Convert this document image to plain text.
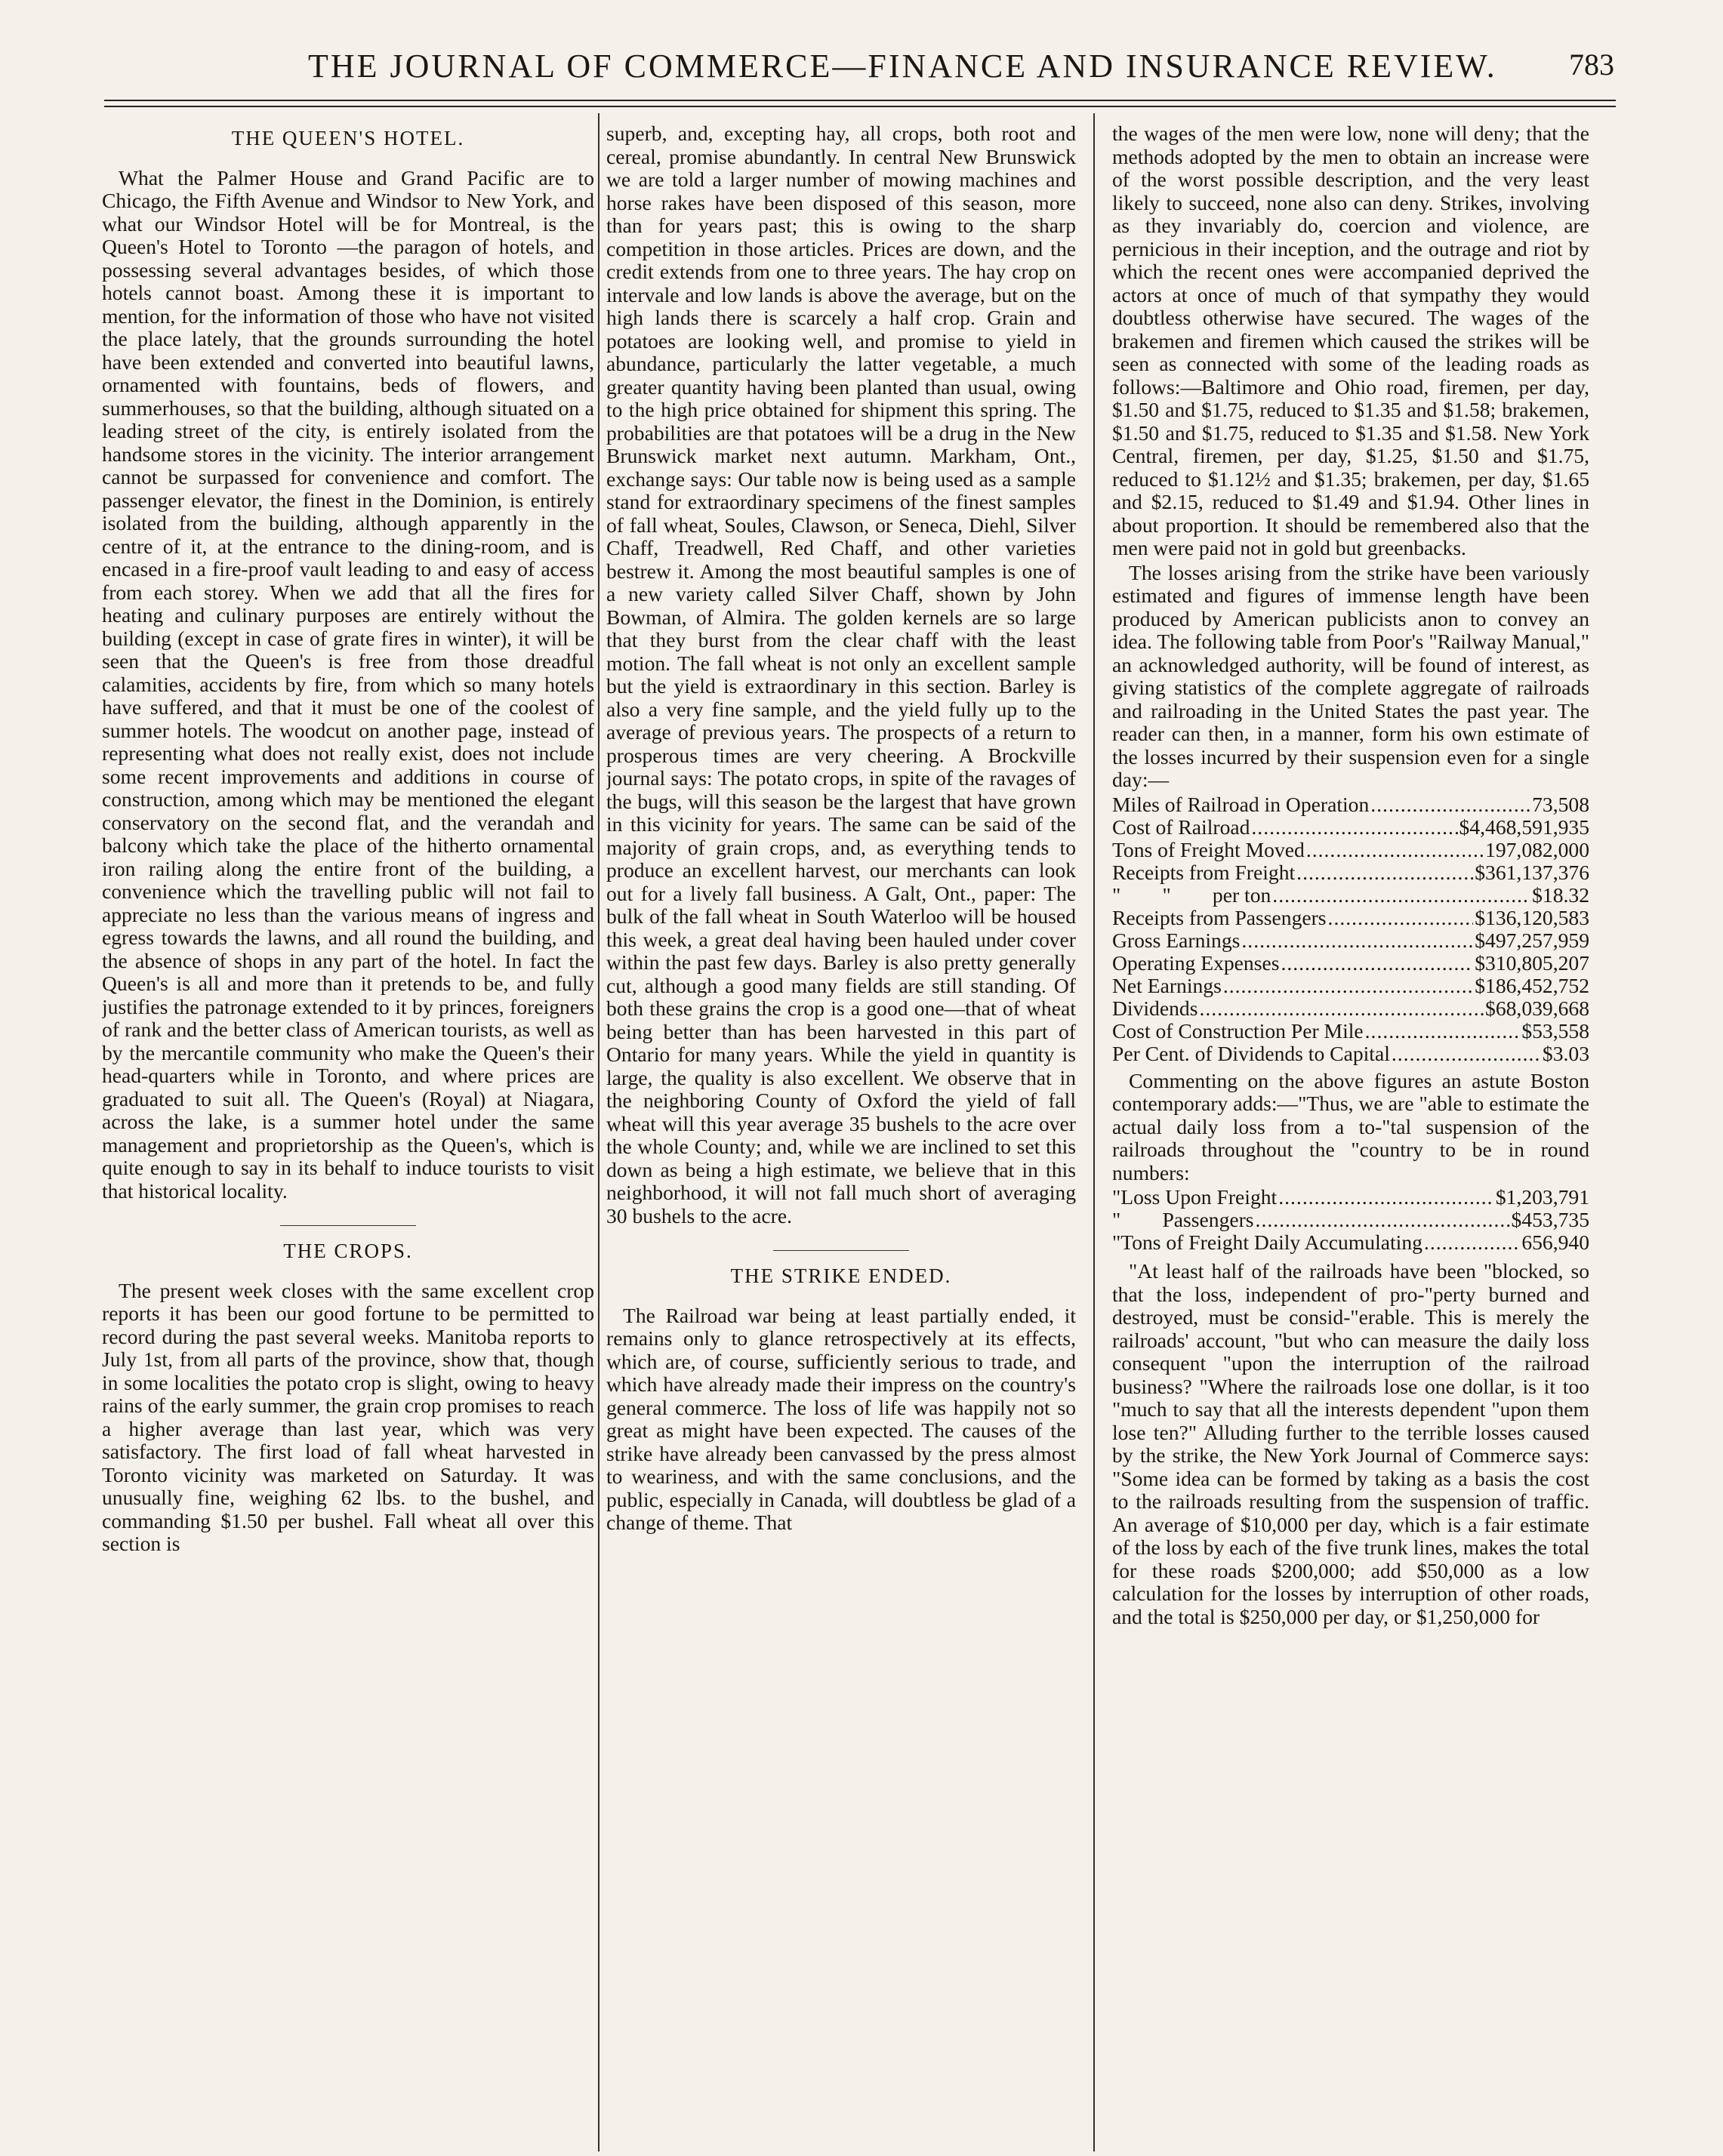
THE JOURNAL OF COMMERCE—FINANCE AND INSURANCE REVIEW. 783
THE QUEEN'S HOTEL.

What the Palmer House and Grand Pacific are to Chicago, the Fifth Avenue and Windsor to New York, and what our Windsor Hotel will be for Montreal, is the Queen's Hotel to Toronto —the paragon of hotels, and possessing several advantages besides, of which those hotels cannot boast. Among these it is important to mention, for the information of those who have not visited the place lately, that the grounds surrounding the hotel have been extended and converted into beautiful lawns, ornamented with fountains, beds of flowers, and summerhouses, so that the building, although situated on a leading street of the city, is entirely isolated from the handsome stores in the vicinity. The interior arrangement cannot be surpassed for convenience and comfort. The passenger elevator, the finest in the Dominion, is entirely isolated from the building, although apparently in the centre of it, at the entrance to the dining-room, and is encased in a fire-proof vault leading to and easy of access from each storey. When we add that all the fires for heating and culinary purposes are entirely without the building (except in case of grate fires in winter), it will be seen that the Queen's is free from those dreadful calamities, accidents by fire, from which so many hotels have suffered, and that it must be one of the coolest of summer hotels. The woodcut on another page, instead of representing what does not really exist, does not include some recent improvements and additions in course of construction, among which may be mentioned the elegant conservatory on the second flat, and the verandah and balcony which take the place of the hitherto ornamental iron railing along the entire front of the building, a convenience which the travelling public will not fail to appreciate no less than the various means of ingress and egress towards the lawns, and all round the building, and the absence of shops in any part of the hotel. In fact the Queen's is all and more than it pretends to be, and fully justifies the patronage extended to it by princes, foreigners of rank and the better class of American tourists, as well as by the mercantile community who make the Queen's their head-quarters while in Toronto, and where prices are graduated to suit all. The Queen's (Royal) at Niagara, across the lake, is a summer hotel under the same management and proprietorship as the Queen's, which is quite enough to say in its behalf to induce tourists to visit that historical locality.

THE CROPS.

The present week closes with the same excellent crop reports it has been our good fortune to be permitted to record during the past several weeks. Manitoba reports to July 1st, from all parts of the province, show that, though in some localities the potato crop is slight, owing to heavy rains of the early summer, the grain crop promises to reach a higher average than last year, which was very satisfactory. The first load of fall wheat harvested in Toronto vicinity was marketed on Saturday. It was unusually fine, weighing 62 lbs. to the bushel, and commanding $1.50 per bushel. Fall wheat all over this section is

superb, and, excepting hay, all crops, both root and cereal, promise abundantly. In central New Brunswick we are told a larger number of mowing machines and horse rakes have been disposed of this season, more than for years past; this is owing to the sharp competition in those articles. Prices are down, and the credit extends from one to three years. The hay crop on intervale and low lands is above the average, but on the high lands there is scarcely a half crop. Grain and potatoes are looking well, and promise to yield in abundance, particularly the latter vegetable, a much greater quantity having been planted than usual, owing to the high price obtained for shipment this spring. The probabilities are that potatoes will be a drug in the New Brunswick market next autumn. Markham, Ont., exchange says: Our table now is being used as a sample stand for extraordinary specimens of the finest samples of fall wheat, Soules, Clawson, or Seneca, Diehl, Silver Chaff, Treadwell, Red Chaff, and other varieties bestrew it. Among the most beautiful samples is one of a new variety called Silver Chaff, shown by John Bowman, of Almira. The golden kernels are so large that they burst from the clear chaff with the least motion. The fall wheat is not only an excellent sample but the yield is extraordinary in this section. Barley is also a very fine sample, and the yield fully up to the average of previous years. The prospects of a return to prosperous times are very cheering. A Brockville journal says: The potato crops, in spite of the ravages of the bugs, will this season be the largest that have grown in this vicinity for years. The same can be said of the majority of grain crops, and, as everything tends to produce an excellent harvest, our merchants can look out for a lively fall business. A Galt, Ont., paper: The bulk of the fall wheat in South Waterloo will be housed this week, a great deal having been hauled under cover within the past few days. Barley is also pretty generally cut, although a good many fields are still standing. Of both these grains the crop is a good one—that of wheat being better than has been harvested in this part of Ontario for many years. While the yield in quantity is large, the quality is also excellent. We observe that in the neighboring County of Oxford the yield of fall wheat will this year average 35 bushels to the acre over the whole County; and, while we are inclined to set this down as being a high estimate, we believe that in this neighborhood, it will not fall much short of averaging 30 bushels to the acre.

THE STRIKE ENDED.

The Railroad war being at least partially ended, it remains only to glance retrospectively at its effects, which are, of course, sufficiently serious to trade, and which have already made their impress on the country's general commerce. The loss of life was happily not so great as might have been expected. The causes of the strike have already been canvassed by the press almost to weariness, and with the same conclusions, and the public, especially in Canada, will doubtless be glad of a change of theme. That

the wages of the men were low, none will deny; that the methods adopted by the men to obtain an increase were of the worst possible description, and the very least likely to succeed, none also can deny. Strikes, involving as they invariably do, coercion and violence, are pernicious in their inception, and the outrage and riot by which the recent ones were accompanied deprived the actors at once of much of that sympathy they would doubtless otherwise have secured. The wages of the brakemen and firemen which caused the strikes will be seen as connected with some of the leading roads as follows:—Baltimore and Ohio road, firemen, per day, $1.50 and $1.75, reduced to $1.35 and $1.58; brakemen, $1.50 and $1.75, reduced to $1.35 and $1.58. New York Central, firemen, per day, $1.25, $1.50 and $1.75, reduced to $1.12½ and $1.35; brakemen, per day, $1.65 and $2.15, reduced to $1.49 and $1.94. Other lines in about proportion. It should be remembered also that the men were paid not in gold but greenbacks.

The losses arising from the strike have been variously estimated and figures of immense length have been produced by American publicists anon to convey an idea. The following table from Poor's "Railway Manual," an acknowledged authority, will be found of interest, as giving statistics of the complete aggregate of railroads and railroading in the United States the past year. The reader can then, in a manner, form his own estimate of the losses incurred by their suspension even for a single day:—

Miles of Railroad in Operation .....	73,508
Cost of Railroad .....	$4,468,591,935
Tons of Freight Moved .....	197,082,000
Receipts from Freight .....	$361,137,376
"        "        per ton .....	$18.32
Receipts from Passengers .....	$136,120,583
Gross Earnings .....	$497,257,959
Operating Expenses .....	$310,805,207
Net Earnings .....	$186,452,752
Dividends .....	$68,039,668
Cost of Construction Per Mile .....	$53,558
Per Cent. of Dividends to Capital .....	$3.03

Commenting on the above figures an astute Boston contemporary adds:—"Thus, we are "able to estimate the actual daily loss from a to-"tal suspension of the railroads throughout the "country to be in round numbers:

"Loss Upon Freight .....	$1,203,791
"        Passengers .....	$453,735
"Tons of Freight Daily Accumulating .....	656,940

"At least half of the railroads have been "blocked, so that the loss, independent of pro-"perty burned and destroyed, must be consid-"erable. This is merely the railroads' account, "but who can measure the daily loss consequent "upon the interruption of the railroad business? "Where the railroads lose one dollar, is it too "much to say that all the interests dependent "upon them lose ten?" Alluding further to the terrible losses caused by the strike, the New York Journal of Commerce says: "Some idea can be formed by taking as a basis the cost to the railroads resulting from the suspension of traffic. An average of $10,000 per day, which is a fair estimate of the loss by each of the five trunk lines, makes the total for these roads $200,000; add $50,000 as a low calculation for the losses by interruption of other roads, and the total is $250,000 per day, or $1,250,000 for
